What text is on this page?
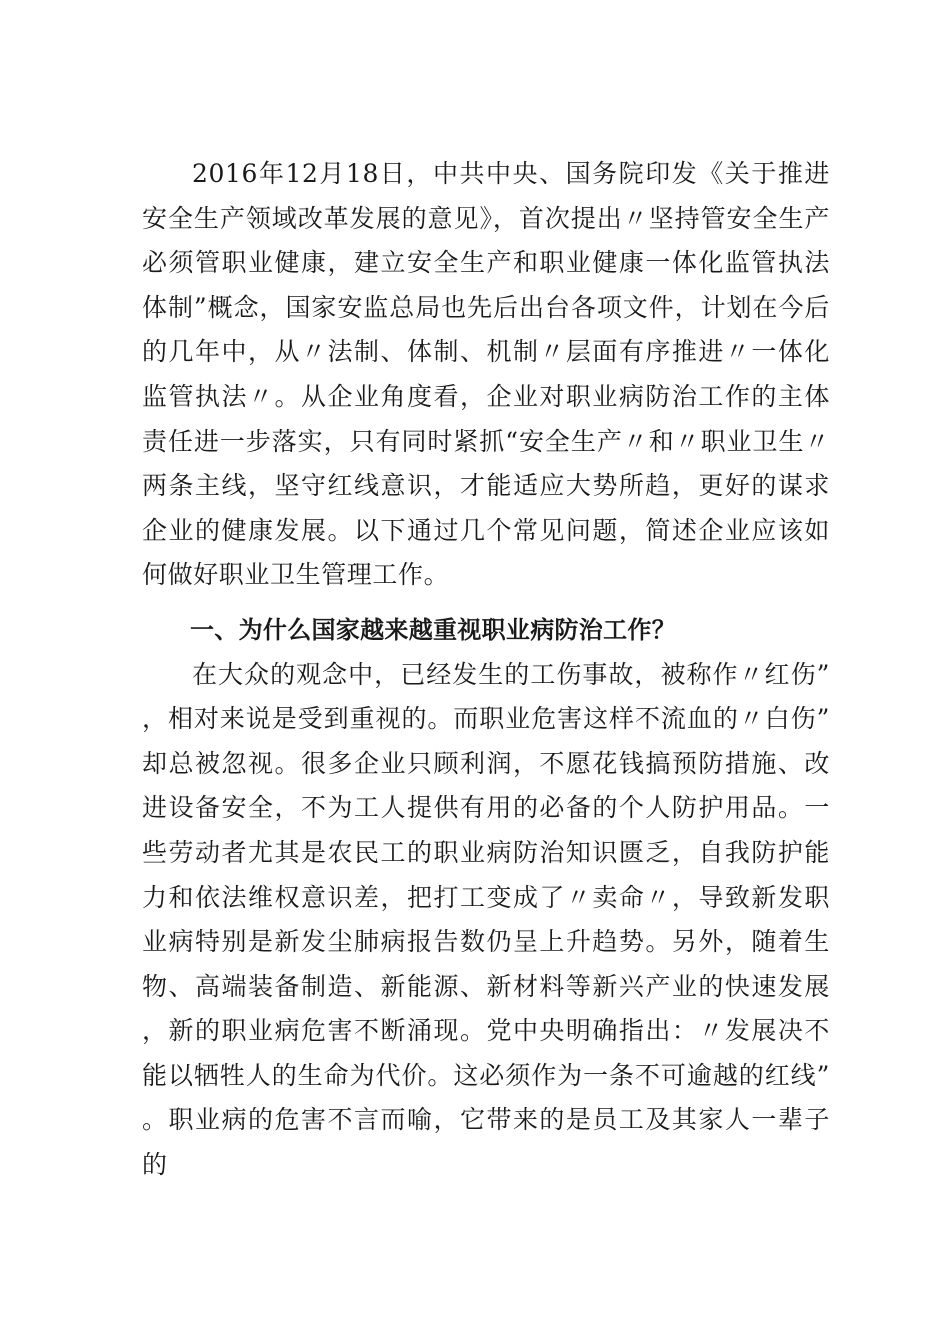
2016年12月18日，中共中央、国务院印发《关于推进安全生产领域改革发展的意见》，首次提出〃坚持管安全生产必须管职业健康，建立安全生产和职业健康一体化监管执法体制”概念，国家安监总局也先后出台各项文件，计划在今后的几年中，从〃法制、体制、机制〃层面有序推进〃一体化监管执法〃。从企业角度看，企业对职业病防治工作的主体责任进一步落实，只有同时紧抓“安全生产〃和〃职业卫生〃两条主线，坚守红线意识，才能适应大势所趋，更好的谋求企业的健康发展。以下通过几个常见问题，简述企业应该如何做好职业卫生管理工作。

一、为什么国家越来越重视职业病防治工作？

在大众的观念中，已经发生的工伤事故，被称作〃红伤”，相对来说是受到重视的。而职业危害这样不流血的〃白伤”却总被忽视。很多企业只顾利润，不愿花钱搞预防措施、改进设备安全，不为工人提供有用的必备的个人防护用品。一些劳动者尤其是农民工的职业病防治知识匮乏，自我防护能力和依法维权意识差，把打工变成了〃卖命〃，导致新发职业病特别是新发尘肺病报告数仍呈上升趋势。另外，随着生物、高端装备制造、新能源、新材料等新兴产业的快速发展，新的职业病危害不断涌现。党中央明确指出：〃发展决不能以牺牲人的生命为代价。这必须作为一条不可逾越的红线”。职业病的危害不言而喻，它带来的是员工及其家人一辈子的
